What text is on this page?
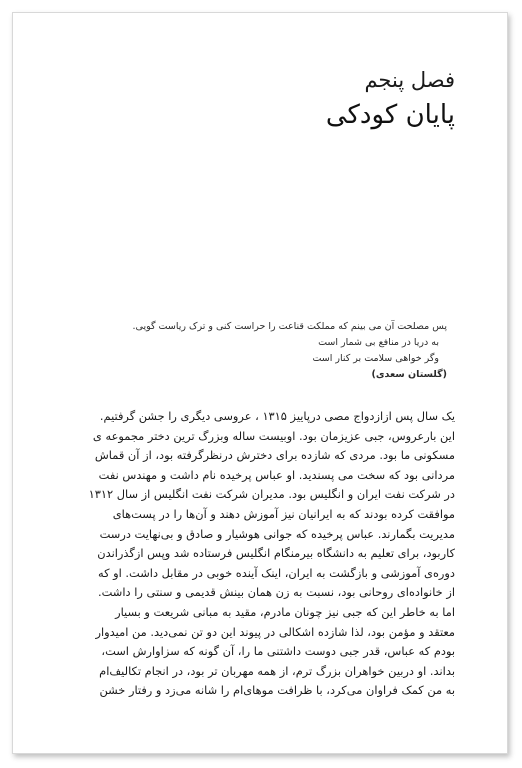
فصل پنجم
پایان کودکی
پس مصلحت آن می بینم که مملکت قناعت را حراست کنی و ترک ریاست گویی.
به دریا در منافع بی شمار است
وگر خواهی سلامت بر کنار است
(گلستان سعدی)
یک سال پس ازازدواج مصی درپاییز ۱۳۱۵ ، عروسی دیگری را جشن گرفتیم.
این بارعروس، جبی عزیزمان بود. اوبیست ساله وبزرگ ترین دختر مجموعه ی
مسکونی ما بود. مردی که شازده برای دخترش درنظرگرفته بود، از آن قماش
مردانی بود که سخت می پسندید. او عباس پرخیده نام داشت و مهندس نفت
در شرکت نفت ایران و انگلیس بود. مدیران شرکت نفت انگلیس از سال ۱۳۱۲
موافقت کرده بودند که به ایرانیان نیز آموزش دهند و آن‌ها را در پست‌های
مدیریت بگمارند. عباس پرخیده که جوانی هوشیار و صادق و بی‌نهایت درست
کاربود، برای تعلیم به دانشگاه بیرمنگام انگلیس فرستاده شد وپس ازگذراندن
دوره‌ی آموزشی و بازگشت به ایران، اینک آینده خوبی در مقابل داشت. او که
از خانواده‌ای روحانی بود، نسبت به زن همان بینش قدیمی و سنتی را داشت.
اما به خاطر این که جبی نیز چونان مادرم، مقید به مبانی شریعت و بسیار
معتقد و مؤمن بود، لذا شازده اشکالی در پیوند این دو تن نمی‌دید. من امیدوار
بودم که عباس، قدر جبی دوست داشتنی ما را، آن گونه که سزاوارش است،
بداند. او دربین خواهران بزرگ ترم، از همه مهربان تر بود، در انجام تکالیف‌ام
به من کمک فراوان می‌کرد، با ظرافت موهای‌ام را شانه می‌زد و رفتار خشن
